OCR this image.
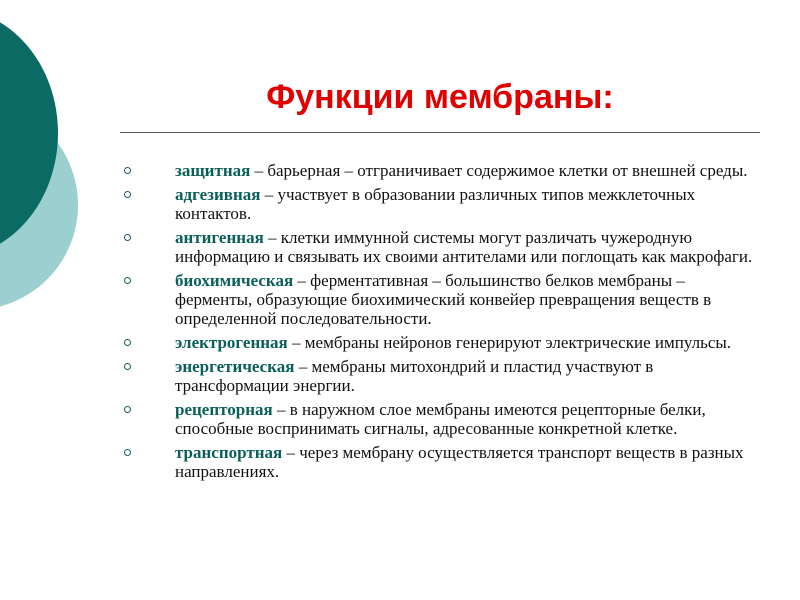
Функции мембраны:
защитная – барьерная – отграничивает содержимое клетки от внешней среды.
адгезивная – участвует в образовании различных типов межклеточных контактов.
антигенная – клетки иммунной системы могут различать чужеродную информацию и связывать их своими антителами или поглощать как макрофаги.
биохимическая – ферментативная – большинство белков мембраны – ферменты, образующие биохимический конвейер превращения веществ в определенной последовательности.
электрогенная – мембраны нейронов генерируют электрические импульсы.
энергетическая – мембраны митохондрий и пластид участвуют в трансформации энергии.
рецепторная – в наружном слое мембраны имеются рецепторные белки, способные воспринимать сигналы, адресованные конкретной клетке.
транспортная – через мембрану осуществляется транспорт веществ в разных направлениях.
